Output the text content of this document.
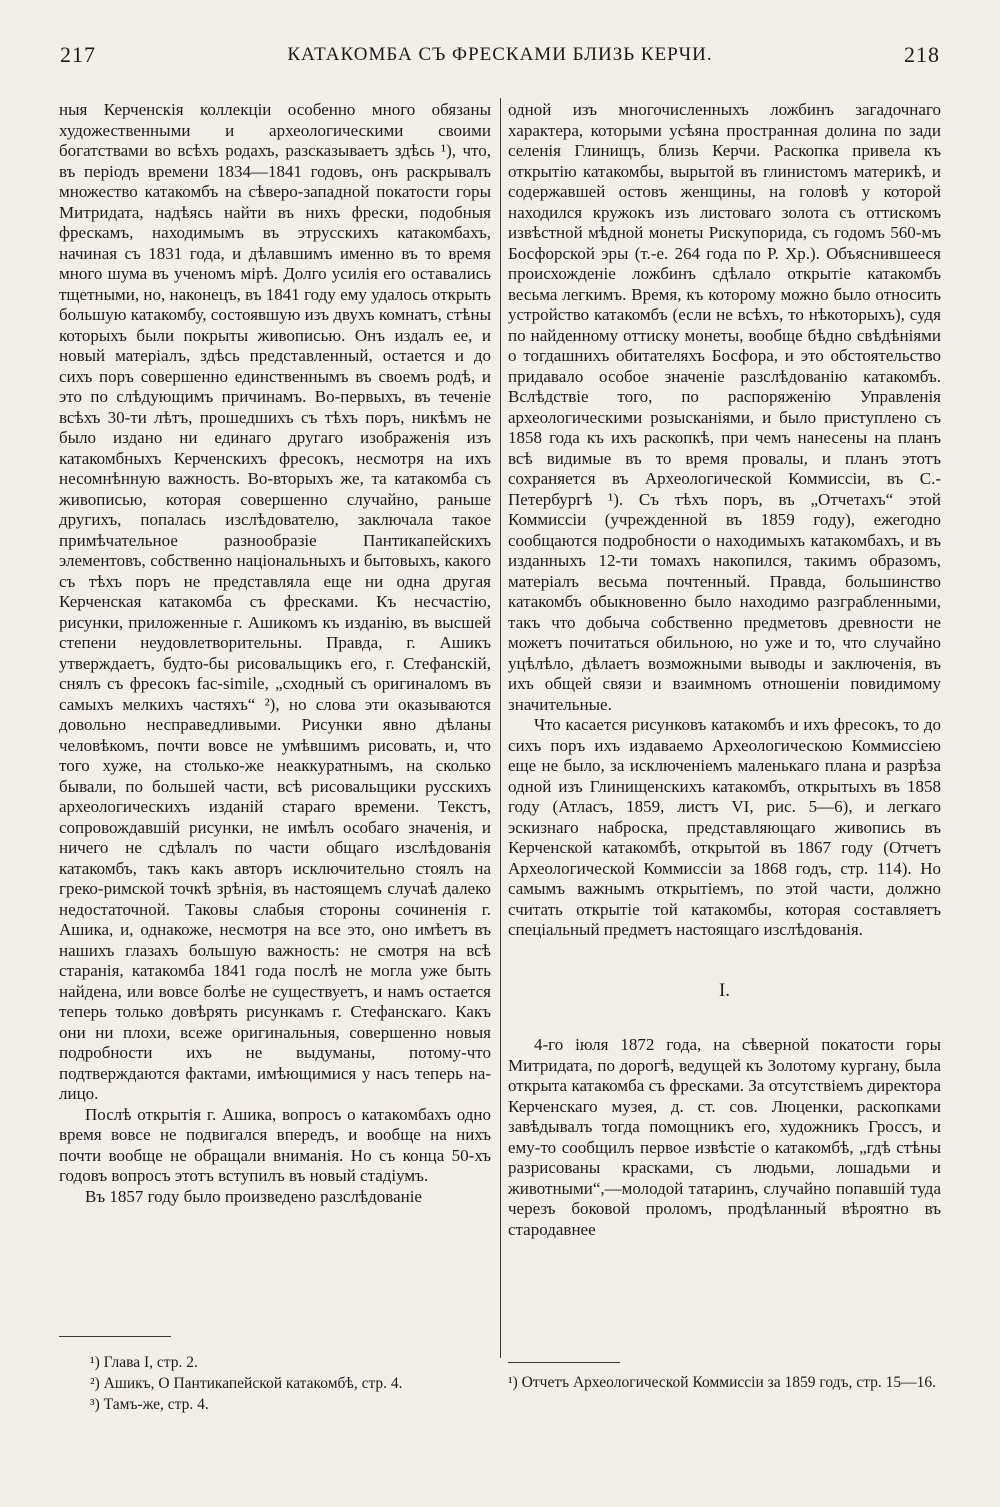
217	КАТАКОМБА СЪ ФРЕСКАМИ БЛИЗЬ КЕРЧИ.	218

ныя Керченскія коллекціи особенно много обязаны художественными и археологическими своими богатствами во всѣхъ родахъ, разсказываетъ здѣсь ¹), что, въ періодъ времени 1834—1841 годовъ, онъ раскрывалъ множество катакомбъ на сѣверо-западной покатости горы Митридата, надѣясь найти въ нихъ фрески, подобныя фрескамъ, находимымъ въ этрусскихъ катакомбахъ, начиная съ 1831 года, и дѣлавшимъ именно въ то время много шума въ ученомъ мірѣ. Долго усилія его оставались тщетными, но, наконецъ, въ 1841 году ему удалось открыть большую катакомбу, состоявшую изъ двухъ комнатъ, стѣны которыхъ были покрыты живописью. Онъ издалъ ее, и новый матеріалъ, здѣсь представленный, остается и до сихъ поръ совершенно единственнымъ въ своемъ родѣ, и это по слѣдующимъ причинамъ. Во-первыхъ, въ теченіе всѣхъ 30-ти лѣтъ, прошедшихъ съ тѣхъ поръ, никѣмъ не было издано ни единаго другаго изображенія изъ катакомбныхъ Керченскихъ фресокъ, несмотря на ихъ несомнѣнную важность. Во-вторыхъ же, та катакомба съ живописью, которая совершенно случайно, раньше другихъ, попалась изслѣдователю, заключала такое примѣчательное разнообразіе Пантикапейскихъ элементовъ, собственно національныхъ и бытовыхъ, какого съ тѣхъ поръ не представляла еще ни одна другая Керченская катакомба съ фресками. Къ несчастію, рисунки, приложенные г. Ашикомъ къ изданію, въ высшей степени неудовлетворительны. Правда, г. Ашикъ утверждаетъ, будто-бы рисовальщикъ его, г. Стефанскій, снялъ съ фресокъ fac-simile, „сходный съ оригиналомъ въ самыхъ мелкихъ частяхъ“ ²), но слова эти оказываются довольно несправедливыми. Рисунки явно дѣланы человѣкомъ, почти вовсе не умѣвшимъ рисовать, и, что того хуже, на столько-же неаккуратнымъ, на сколько бывали, по большей части, всѣ рисовальщики русскихъ археологическихъ изданій стараго времени. Текстъ, сопровождавшій рисунки, не имѣлъ особаго значенія, и ничего не сдѣлалъ по части общаго изслѣдованія катакомбъ, такъ какъ авторъ исключительно стоялъ на греко-римской точкѣ зрѣнія, въ настоящемъ случаѣ далеко недостаточной. Таковы слабыя стороны сочиненія г. Ашика, и, однакоже, несмотря на все это, оно имѣетъ въ нашихъ глазахъ большую важность: не смотря на всѣ старанія, катакомба 1841 года послѣ не могла уже быть найдена, или вовсе болѣе не существуетъ, и намъ остается теперь только довѣрять рисункамъ г. Стефанскаго. Какъ они ни плохи, всеже оригинальныя, совершенно новыя подробности ихъ не выдуманы, потому-что подтверждаются фактами, имѣющимися у насъ теперь на-лицо.

Послѣ открытія г. Ашика, вопросъ о катакомбахъ одно время вовсе не подвигался впередъ, и вообще на нихъ почти вообще не обращали вниманія. Но съ конца 50-хъ годовъ вопросъ этотъ вступилъ въ новый стадіумъ.

Въ 1857 году было произведено разслѣдованіе

одной изъ многочисленныхъ ложбинъ загадочнаго характера, которыми усѣяна пространная долина по зади селенія Глинищъ, близь Керчи. Раскопка привела къ открытію катакомбы, вырытой въ глинистомъ материкѣ, и содержавшей остовъ женщины, на головѣ у которой находился кружокъ изъ листоваго золота съ оттискомъ извѣстной мѣдной монеты Рискупорида, съ годомъ 560-мъ Босфорской эры (т.-е. 264 года по Р. Хр.). Объяснившееся происхожденіе ложбинъ сдѣлало открытіе катакомбъ весьма легкимъ. Время, къ которому можно было относить устройство катакомбъ (если не всѣхъ, то нѣкоторыхъ), судя по найденному оттиску монеты, вообще бѣдно свѣдѣніями о тогдашнихъ обитателяхъ Босфора, и это обстоятельство придавало особое значеніе разслѣдованію катакомбъ. Вслѣдствіе того, по распоряженію Управленія археологическими розысканіями, и было приступлено съ 1858 года къ ихъ раскопкѣ, при чемъ нанесены на планъ всѣ видимые въ то время провалы, и планъ этотъ сохраняется въ Археологической Коммиссіи, въ С.-Петербургѣ ¹). Съ тѣхъ поръ, въ „Отчетахъ“ этой Коммиссіи (учрежденной въ 1859 году), ежегодно сообщаются подробности о находимыхъ катакомбахъ, и въ изданныхъ 12-ти томахъ накопился, такимъ образомъ, матеріалъ весьма почтенный. Правда, большинство катакомбъ обыкновенно было находимо разграбленными, такъ что добыча собственно предметовъ древности не можетъ почитаться обильною, но уже и то, что случайно уцѣлѣло, дѣлаетъ возможными выводы и заключенія, въ ихъ общей связи и взаимномъ отношеніи повидимому значительные.

Что касается рисунковъ катакомбъ и ихъ фресокъ, то до сихъ поръ ихъ издаваемо Археологическою Коммиссіею еще не было, за исключеніемъ маленькаго плана и разрѣза одной изъ Глинищенскихъ катакомбъ, открытыхъ въ 1858 году (Атласъ, 1859, листъ VI, рис. 5—6), и легкаго эскизнаго наброска, представляющаго живопись въ Керченской катакомбѣ, открытой въ 1867 году (Отчетъ Археологической Коммиссіи за 1868 годъ, стр. 114). Но самымъ важнымъ открытіемъ, по этой части, должно считать открытіе той катакомбы, которая составляетъ спеціальный предметъ настоящаго изслѣдованія.

I.

4-го іюля 1872 года, на сѣверной покатости горы Митридата, по дорогѣ, ведущей къ Золотому кургану, была открыта катакомба съ фресками. За отсутствіемъ директора Керченскаго музея, д. ст. сов. Люценки, раскопками завѣдывалъ тогда помощникъ его, художникъ Гроссъ, и ему-то сообщилъ первое извѣстіе о катакомбѣ, „гдѣ стѣны разрисованы красками, съ людьми, лошадьми и животными“,—молодой татаринъ, случайно попавшій туда черезъ боковой проломъ, продѣланный вѣроятно въ стародавнее

¹) Глава I, стр. 2.
²) Ашикъ, О Пантикапейской катакомбѣ, стр. 4.
³) Тамъ-же, стр. 4.
¹) Отчетъ Археологической Коммиссіи за 1859 годъ, стр. 15—16.
